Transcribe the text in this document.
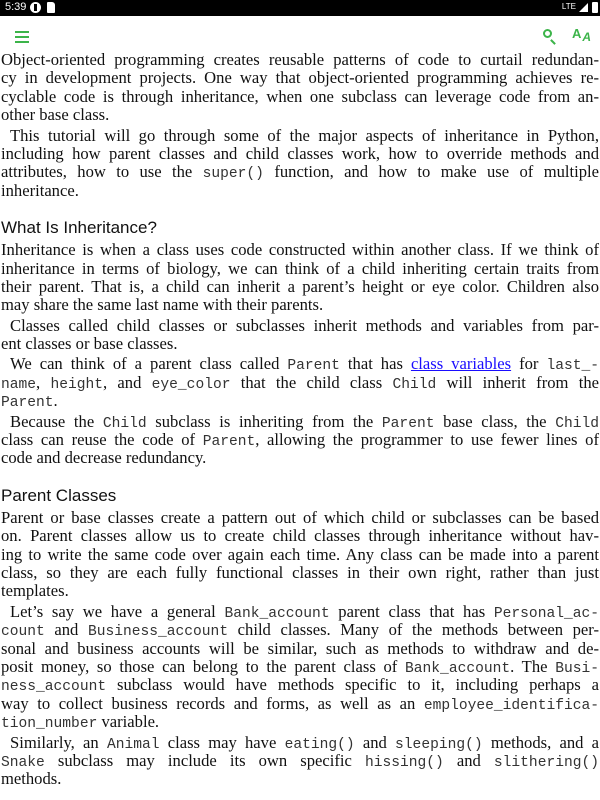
5:39	LTE
AA
Object-oriented programming creates reusable patterns of code to curtail redundan-
cy in development projects. One way that object-oriented programming achieves re-
cyclable code is through inheritance, when one subclass can leverage code from an-
other base class.
This tutorial will go through some of the major aspects of inheritance in Python,
including how parent classes and child classes work, how to override methods and
attributes, how to use the super() function, and how to make use of multiple
inheritance.
What Is Inheritance?
Inheritance is when a class uses code constructed within another class. If we think of
inheritance in terms of biology, we can think of a child inheriting certain traits from
their parent. That is, a child can inherit a parent’s height or eye color. Children also
may share the same last name with their parents.
Classes called child classes or subclasses inherit methods and variables from par-
ent classes or base classes.
We can think of a parent class called Parent that has class variables for last_-
name, height, and eye_color that the child class Child will inherit from the
Parent.
Because the Child subclass is inheriting from the Parent base class, the Child
class can reuse the code of Parent, allowing the programmer to use fewer lines of
code and decrease redundancy.
Parent Classes
Parent or base classes create a pattern out of which child or subclasses can be based
on. Parent classes allow us to create child classes through inheritance without hav-
ing to write the same code over again each time. Any class can be made into a parent
class, so they are each fully functional classes in their own right, rather than just
templates.
Let’s say we have a general Bank_account parent class that has Personal_ac-
count and Business_account child classes. Many of the methods between per-
sonal and business accounts will be similar, such as methods to withdraw and de-
posit money, so those can belong to the parent class of Bank_account. The Busi-
ness_account subclass would have methods specific to it, including perhaps a
way to collect business records and forms, as well as an employee_identifica-
tion_number variable.
Similarly, an Animal class may have eating() and sleeping() methods, and a
Snake subclass may include its own specific hissing() and slithering()
methods.
